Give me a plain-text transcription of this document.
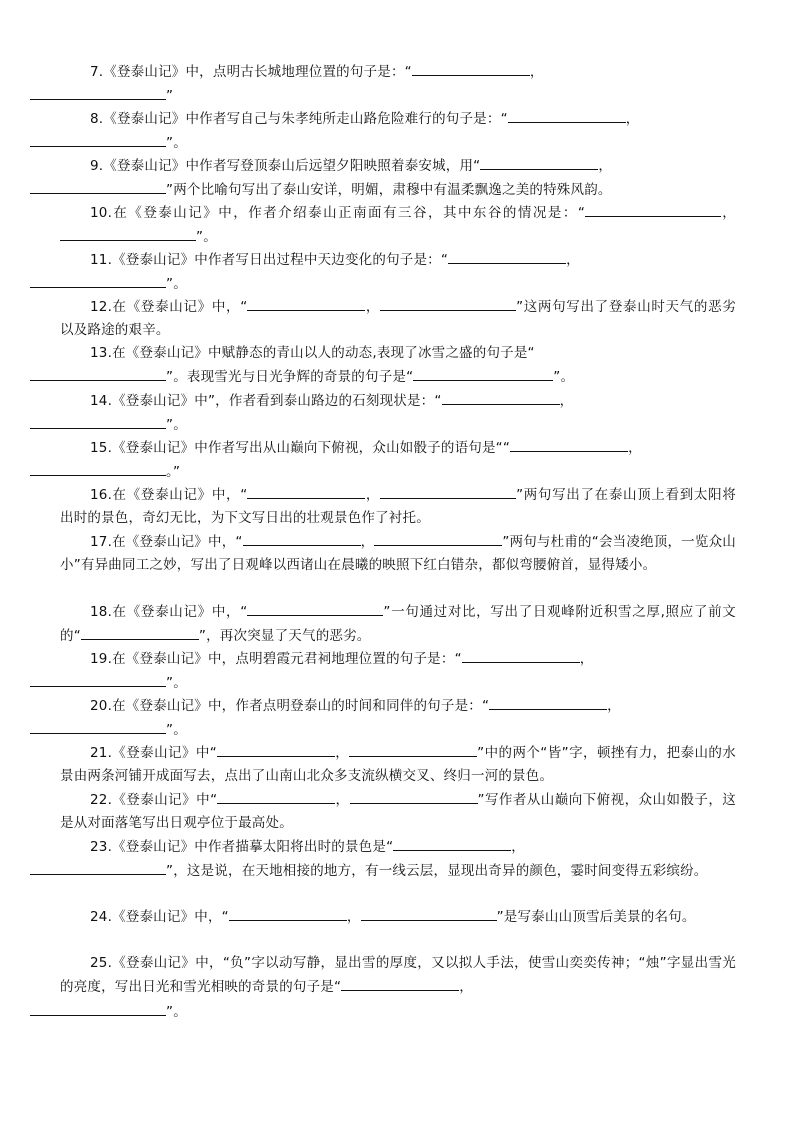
7.《登泰山记》中，点明古长城地理位置的句子是：“	，
”
8.《登泰山记》中作者写自己与朱孝纯所走山路危险难行的句子是：“	，
”。
9.《登泰山记》中作者写登顶泰山后远望夕阳映照着泰安城，用“	，
”两个比喻句写出了泰山安详，明媚，肃穆中有温柔飘逸之美的特殊风韵。
10.在《登泰山记》中，作者介绍泰山正南面有三谷，其中东谷的情况是：“	，”。
11.《登泰山记》中作者写日出过程中天边变化的句子是：“	，
”。
12.在《登泰山记》中，“	，	”这两句写出了登泰山时天气的恶劣以及路途的艰辛。
13.在《登泰山记》中赋静态的青山以人的动态,表现了冰雪之盛的句子是“
”。表现雪光与日光争辉的奇景的句子是“	”。
14.《登泰山记》中”，作者看到泰山路边的石刻现状是：“	，
”。
15.《登泰山记》中作者写出从山巅向下俯视，众山如骰子的语句是““	，
。”
16.在《登泰山记》中，“	，	”两句写出了在泰山顶上看到太阳将出时的景色，奇幻无比，为下文写日出的壮观景色作了衬托。
17.在《登泰山记》中，“	，	”两句与杜甫的“会当凌绝顶，一览众山小”有异曲同工之妙，写出了日观峰以西诸山在晨曦的映照下红白错杂，都似弯腰俯首，显得矮小。
18.在《登泰山记》中，“	”一句通过对比，写出了日观峰附近积雪之厚,照应了前文的“	”，再次突显了天气的恶劣。
19.在《登泰山记》中，点明碧霞元君祠地理位置的句子是：“	，
”。
20.在《登泰山记》中，作者点明登泰山的时间和同伴的句子是：“	，
”。
21.《登泰山记》中“	，	”中的两个“皆”字，顿挫有力，把泰山的水景由两条河铺开成面写去，点出了山南山北众多支流纵横交叉、终归一河的景色。
22.《登泰山记》中“	，	”写作者从山巅向下俯视，众山如骰子，这是从对面落笔写出日观亭位于最高处。
23.《登泰山记》中作者描摹太阳将出时的景色是“	，
”，这是说，在天地相接的地方，有一线云层，显现出奇异的颜色，霎时间变得五彩缤纷。
24.《登泰山记》中，“	，	”是写泰山山顶雪后美景的名句。
25.《登泰山记》中，“负”字以动写静，显出雪的厚度，又以拟人手法，使雪山奕奕传神；“烛”字显出雪光的亮度，写出日光和雪光相映的奇景的句子是“	，
”。
